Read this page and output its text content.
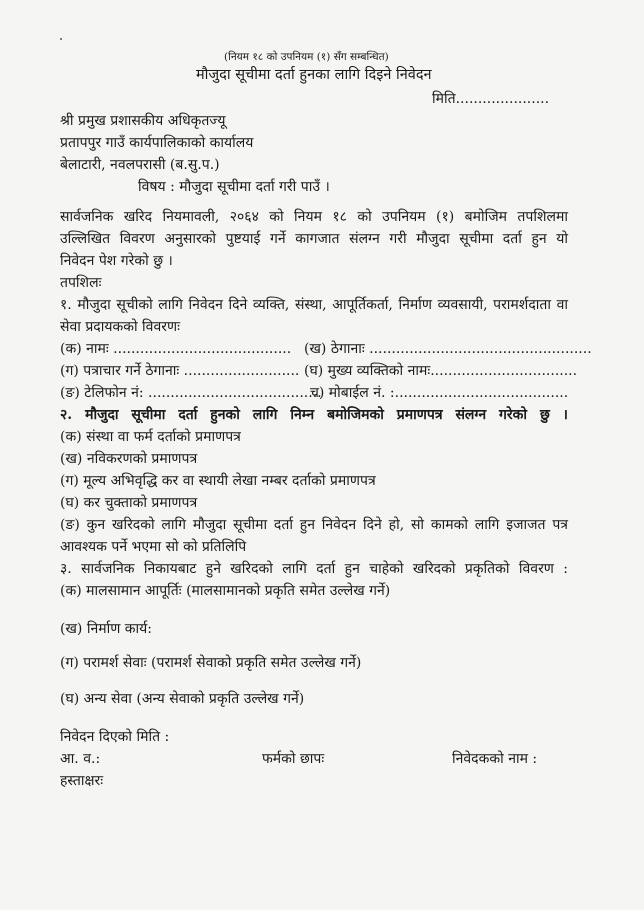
(नियम १८ को उपनियम (१) सँग सम्बन्धित)
मौजुदा सूचीमा दर्ता हुनका लागि दिइने निवेदन
मिति.....................
श्री प्रमुख प्रशासकीय अधिकृतज्यू
प्रतापपुर गाउँ कार्यपालिकाको कार्यालय
बेलाटारी, नवलपरासी (ब.सु.प.)
विषय : मौजुदा सूचीमा दर्ता गरी पाउँ ।
सार्वजनिक खरिद नियमावली, २०६४ को नियम १८ को उपनियम (१) बमोजिम तपशिलमा
उल्लिखित विवरण अनुसारको पुष्टयाई गर्ने कागजात संलग्न गरी मौजुदा सूचीमा दर्ता हुन यो
निवेदन पेश गरेको छु ।
तपशिलः
१. मौजुदा सूचीको लागि निवेदन दिने व्यक्ति, संस्था, आपूर्तिकर्ता, निर्माण व्यवसायी, परामर्शदाता वा
सेवा प्रदायकको विवरणः
(क) नामः ........................................ (ख) ठेगानाः ..................................................
(ग) पत्राचार गर्ने ठेगानाः .......................... (घ) मुख्य व्यक्तिको नामः.................................
(ङ) टेलिफोन नं: .......................................
च) मोबाईल नं. :.......................................
२. मौजुदा सूचीमा दर्ता हुनको लागि निम्न बमोजिमको प्रमाणपत्र संलग्न गरेको छु ।
(क) संस्था वा फर्म दर्ताको प्रमाणपत्र
(ख) नविकरणको प्रमाणपत्र
(ग) मूल्य अभिवृद्धि कर वा स्थायी लेखा नम्बर दर्ताको प्रमाणपत्र
(घ) कर चुक्ताको प्रमाणपत्र
(ङ) कुन खरिदको लागि मौजुदा सूचीमा दर्ता हुन निवेदन दिने हो, सो कामको लागि इजाजत पत्र
आवश्यक पर्ने भएमा सो को प्रतिलिपि
३. सार्वजनिक निकायबाट हुने खरिदको लागि दर्ता हुन चाहेको खरिदको प्रकृतिको विवरण :
(क) मालसामान आपूर्तिः (मालसामानको प्रकृति समेत उल्लेख गर्ने)
(ख) निर्माण कार्य:
(ग) परामर्श सेवाः (परामर्श सेवाको प्रकृति समेत उल्लेख गर्ने)
(घ) अन्य सेवा (अन्य सेवाको प्रकृति उल्लेख गर्ने)
निवेदन दिएको मिति :
आ. व.:	फर्मको छापः	निवेदकको नाम :
हस्ताक्षरः
